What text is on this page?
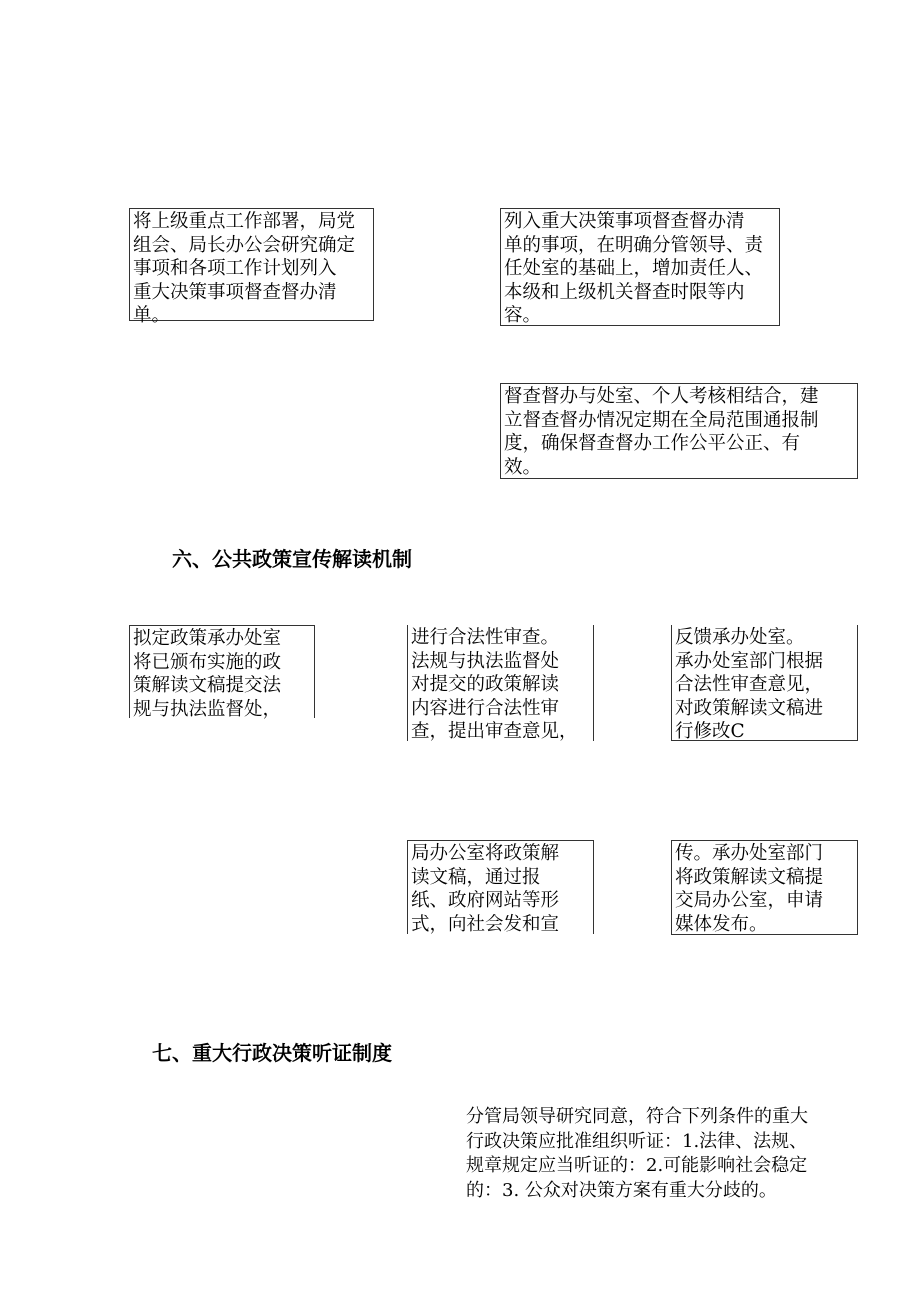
将上级重点工作部署，局党
组会、局长办公会研究确定
事项和各项工作计划列入
重大决策事项督查督办清
单。
列入重大决策事项督查督办清
单的事项，在明确分管领导、责
任处室的基础上，增加责任人、
本级和上级机关督查时限等内
容。
督查督办与处室、个人考核相结合，建
立督查督办情况定期在全局范围通报制
度，确保督查督办工作公平公正、有
效。
六、公共政策宣传解读机制
拟定政策承办处室
将已颁布实施的政
策解读文稿提交法
规与执法监督处，
进行合法性审查。
法规与执法监督处
对提交的政策解读
内容进行合法性审
查，提出审查意见，
反馈承办处室。
承办处室部门根据
合法性审查意见，
对政策解读文稿进
行修改C
局办公室将政策解
读文稿，通过报
纸、政府网站等形
式，向社会发和宣
传。承办处室部门
将政策解读文稿提
交局办公室，申请
媒体发布。
七、重大行政决策听证制度
分管局领导研究同意，符合下列条件的重大
行政决策应批准组织听证：1.法律、法规、
规章规定应当听证的：2.可能影响社会稳定
的：3. 公众对决策方案有重大分歧的。
